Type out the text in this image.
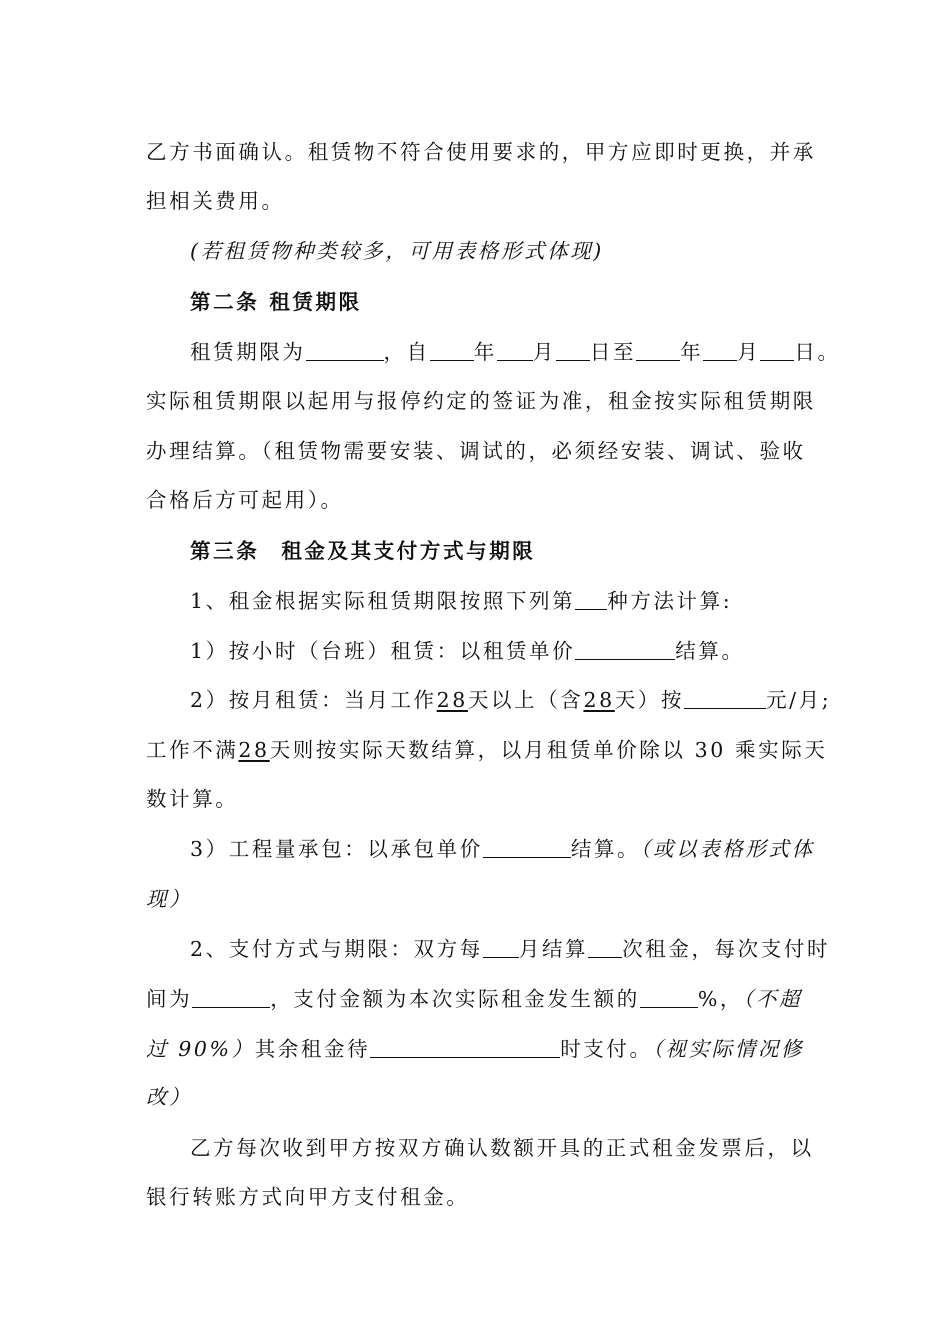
乙方书面确认。租赁物不符合使用要求的，甲方应即时更换，并承
担相关费用。
(若租赁物种类较多，可用表格形式体现)
第二条 租赁期限
租赁期限为	，自 年 月 日至 年 月 日。
实际租赁期限以起用与报停约定的签证为准，租金按实际租赁期限
办理结算。（租赁物需要安装、调试的，必须经安装、调试、验收
合格后方可起用）。
第三条 租金及其支付方式与期限
1、租金根据实际租赁期限按照下列第 种方法计算:
1）按小时（台班）租赁：以租赁单价	结算。
2）按月租赁：当月工作28天以上（含28天）按	元/月;
工作不满28天则按实际天数结算，以月租赁单价除以 30 乘实际天
数计算。
3）工程量承包：以承包单价	结算。（或以表格形式体
现）
2、支付方式与期限：双方每 月结算 次租金，每次支付时
间为	，支付金额为本次实际租金发生额的	%，（不超
过 90%）其余租金待	时支付。（视实际情况修
改）
乙方每次收到甲方按双方确认数额开具的正式租金发票后，以
银行转账方式向甲方支付租金。
